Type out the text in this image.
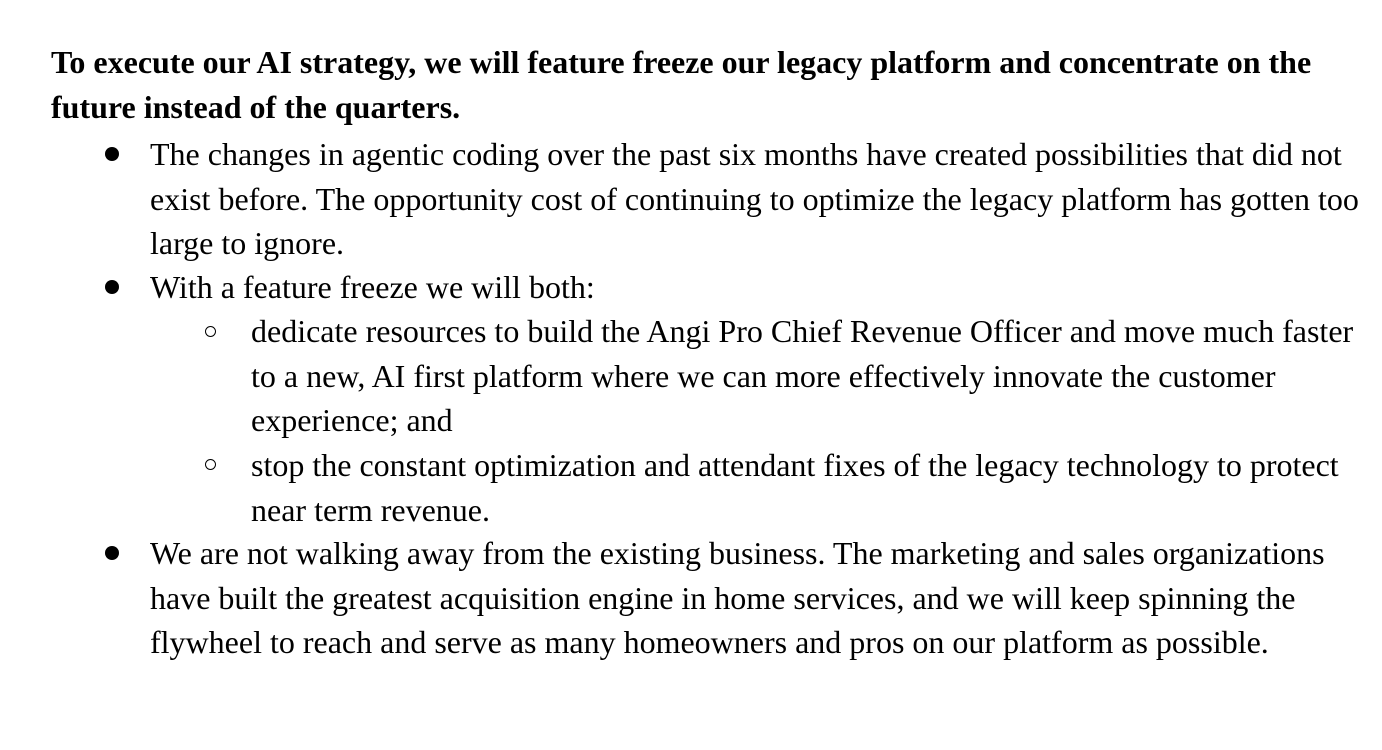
To execute our AI strategy, we will feature freeze our legacy platform and concentrate on the future instead of the quarters.

The changes in agentic coding over the past six months have created possibilities that did not exist before. The opportunity cost of continuing to optimize the legacy platform has gotten too large to ignore.

With a feature freeze we will both:

dedicate resources to build the Angi Pro Chief Revenue Officer and move much faster to a new, AI first platform where we can more effectively innovate the customer experience; and

stop the constant optimization and attendant fixes of the legacy technology to protect near term revenue.

We are not walking away from the existing business. The marketing and sales organizations have built the greatest acquisition engine in home services, and we will keep spinning the flywheel to reach and serve as many homeowners and pros on our platform as possible.
